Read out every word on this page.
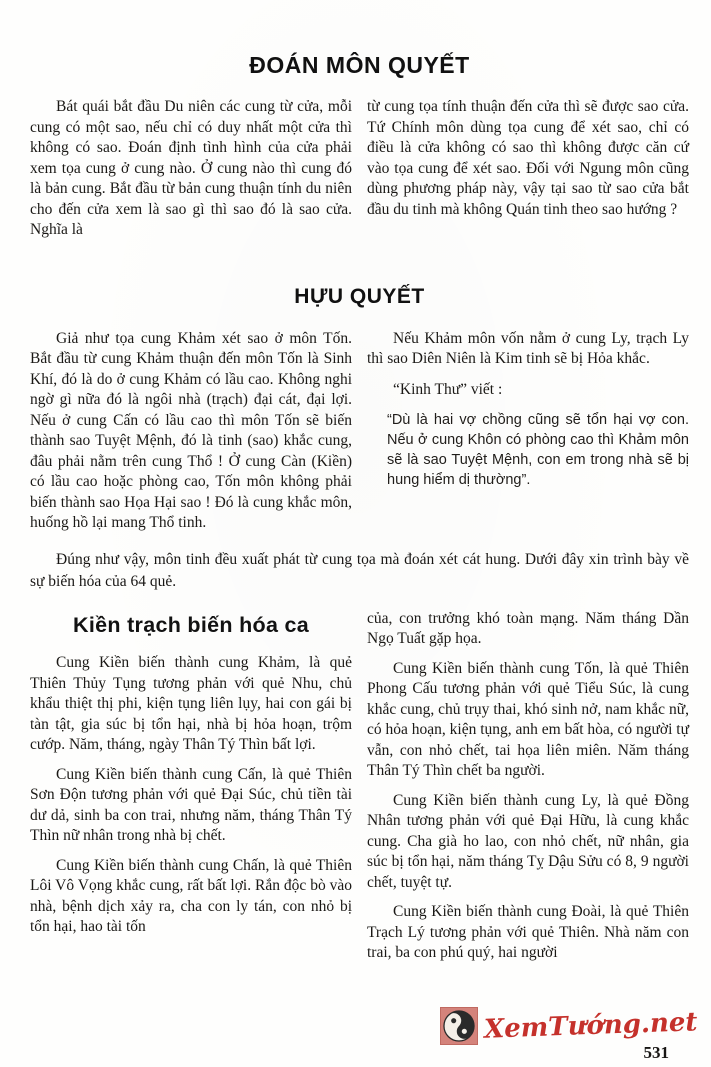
ĐOÁN MÔN QUYẾT

Bát quái bắt đầu Du niên các cung từ cửa, mỗi cung có một sao, nếu chỉ có duy nhất một cửa thì không có sao. Đoán định tình hình của cửa phải xem tọa cung ở cung nào. Ở cung nào thì cung đó là bản cung. Bắt đầu từ bản cung thuận tính du niên cho đến cửa xem là sao gì thì sao đó là sao cửa. Nghĩa là

từ cung tọa tính thuận đến cửa thì sẽ được sao cửa. Tứ Chính môn dùng tọa cung để xét sao, chỉ có điều là cửa không có sao thì không được căn cứ vào tọa cung để xét sao. Đối với Ngung môn cũng dùng phương pháp này, vậy tại sao từ sao cửa bắt đầu du tinh mà không Quán tinh theo sao hướng ?

HỰU QUYẾT

Giả như tọa cung Khảm xét sao ở môn Tốn. Bắt đầu từ cung Khảm thuận đến môn Tốn là Sinh Khí, đó là do ở cung Khảm có lầu cao. Không nghi ngờ gì nữa đó là ngôi nhà (trạch) đại cát, đại lợi. Nếu ở cung Cấn có lầu cao thì môn Tốn sẽ biến thành sao Tuyệt Mệnh, đó là tinh (sao) khắc cung, đâu phải nằm trên cung Thổ ! Ở cung Càn (Kiền) có lầu cao hoặc phòng cao, Tốn môn không phải biến thành sao Họa Hại sao ! Đó là cung khắc môn, huống hồ lại mang Thổ tinh.

Nếu Khảm môn vốn nằm ở cung Ly, trạch Ly thì sao Diên Niên là Kim tinh sẽ bị Hỏa khắc.

“Kinh Thư” viết :

“Dù là hai vợ chồng cũng sẽ tổn hại vợ con. Nếu ở cung Khôn có phòng cao thì Khảm môn sẽ là sao Tuyệt Mệnh, con em trong nhà sẽ bị hung hiểm dị thường”.

Đúng như vậy, môn tinh đều xuất phát từ cung tọa mà đoán xét cát hung. Dưới đây xin trình bày về sự biến hóa của 64 quẻ.

Kiền trạch biến hóa ca

Cung Kiền biến thành cung Khảm, là quẻ Thiên Thủy Tụng tương phản với quẻ Nhu, chủ khẩu thiệt thị phi, kiện tụng liên lụy, hai con gái bị tàn tật, gia súc bị tổn hại, nhà bị hỏa hoạn, trộm cướp. Năm, tháng, ngày Thân Tý Thìn bất lợi.

Cung Kiền biến thành cung Cấn, là quẻ Thiên Sơn Độn tương phản với quẻ Đại Súc, chủ tiền tài dư dả, sinh ba con trai, nhưng năm, tháng Thân Tý Thìn nữ nhân trong nhà bị chết.

Cung Kiền biến thành cung Chấn, là quẻ Thiên Lôi Vô Vọng khắc cung, rất bất lợi. Rắn độc bò vào nhà, bệnh dịch xảy ra, cha con ly tán, con nhỏ bị tổn hại, hao tài tốn

của, con trưởng khó toàn mạng. Năm tháng Dần Ngọ Tuất gặp họa.

Cung Kiền biến thành cung Tốn, là quẻ Thiên Phong Cấu tương phản với quẻ Tiểu Súc, là cung khắc cung, chủ trụy thai, khó sinh nở, nam khắc nữ, có hỏa hoạn, kiện tụng, anh em bất hòa, có người tự vẫn, con nhỏ chết, tai họa liên miên. Năm tháng Thân Tý Thìn chết ba người.

Cung Kiền biến thành cung Ly, là quẻ Đồng Nhân tương phản với quẻ Đại Hữu, là cung khắc cung. Cha già ho lao, con nhỏ chết, nữ nhân, gia súc bị tổn hại, năm tháng Tỵ Dậu Sửu có 8, 9 người chết, tuyệt tự.

Cung Kiền biến thành cung Đoài, là quẻ Thiên Trạch Lý tương phản với quẻ Thiên. Nhà năm con trai, ba con phú quý, hai người

XemTướng.net
531
